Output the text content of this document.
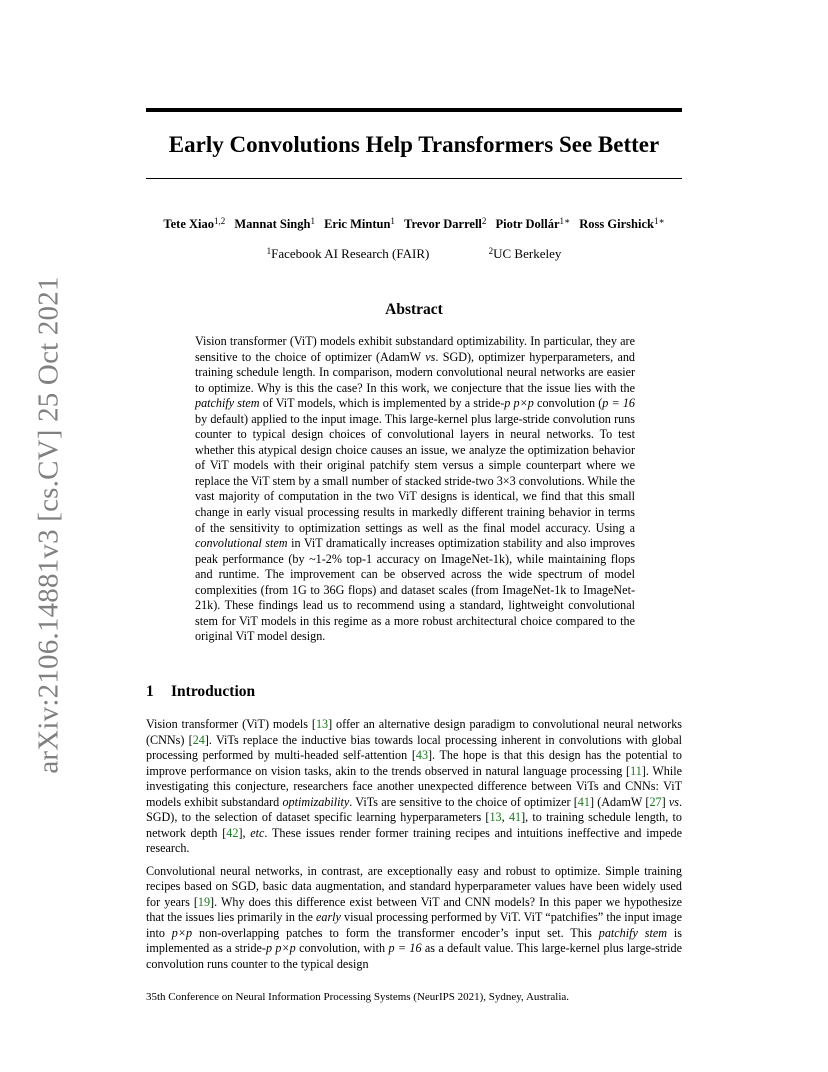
arXiv:2106.14881v3 [cs.CV] 25 Oct 2021
Early Convolutions Help Transformers See Better
Tete Xiao$^{1,2}$ Mannat Singh$^1$ Eric Mintun$^1$ Trevor Darrell$^2$ Piotr Dollár$^{1∗}$ Ross Girshick$^{1∗}$
$^1$Facebook AI Research (FAIR)	$^2$UC Berkeley
Abstract
Vision transformer (ViT) models exhibit substandard optimizability. In particular, they are sensitive to the choice of optimizer (AdamW vs. SGD), optimizer hyperparameters, and training schedule length. In comparison, modern convolutional neural networks are easier to optimize. Why is this the case? In this work, we conjecture that the issue lies with the patchify stem of ViT models, which is implemented by a stride-p p×p convolution (p = 16 by default) applied to the input image. This large-kernel plus large-stride convolution runs counter to typical design choices of convolutional layers in neural networks. To test whether this atypical design choice causes an issue, we analyze the optimization behavior of ViT models with their original patchify stem versus a simple counterpart where we replace the ViT stem by a small number of stacked stride-two 3×3 convolutions. While the vast majority of computation in the two ViT designs is identical, we find that this small change in early visual processing results in markedly different training behavior in terms of the sensitivity to optimization settings as well as the final model accuracy. Using a convolutional stem in ViT dramatically increases optimization stability and also improves peak performance (by ~1-2% top-1 accuracy on ImageNet-1k), while maintaining flops and runtime. The improvement can be observed across the wide spectrum of model complexities (from 1G to 36G flops) and dataset scales (from ImageNet-1k to ImageNet-21k). These findings lead us to recommend using a standard, lightweight convolutional stem for ViT models in this regime as a more robust architectural choice compared to the original ViT model design.
1 Introduction

Vision transformer (ViT) models [13] offer an alternative design paradigm to convolutional neural networks (CNNs) [24]. ViTs replace the inductive bias towards local processing inherent in convolutions with global processing performed by multi-headed self-attention [43]. The hope is that this design has the potential to improve performance on vision tasks, akin to the trends observed in natural language processing [11]. While investigating this conjecture, researchers face another unexpected difference between ViTs and CNNs: ViT models exhibit substandard optimizability. ViTs are sensitive to the choice of optimizer [41] (AdamW [27] vs. SGD), to the selection of dataset specific learning hyperparameters [13, 41], to training schedule length, to network depth [42], etc. These issues render former training recipes and intuitions ineffective and impede research.

Convolutional neural networks, in contrast, are exceptionally easy and robust to optimize. Simple training recipes based on SGD, basic data augmentation, and standard hyperparameter values have been widely used for years [19]. Why does this difference exist between ViT and CNN models? In this paper we hypothesize that the issues lies primarily in the early visual processing performed by ViT. ViT “patchifies” the input image into p×p non-overlapping patches to form the transformer encoder’s input set. This patchify stem is implemented as a stride-p p×p convolution, with p = 16 as a default value. This large-kernel plus large-stride convolution runs counter to the typical design

35th Conference on Neural Information Processing Systems (NeurIPS 2021), Sydney, Australia.
